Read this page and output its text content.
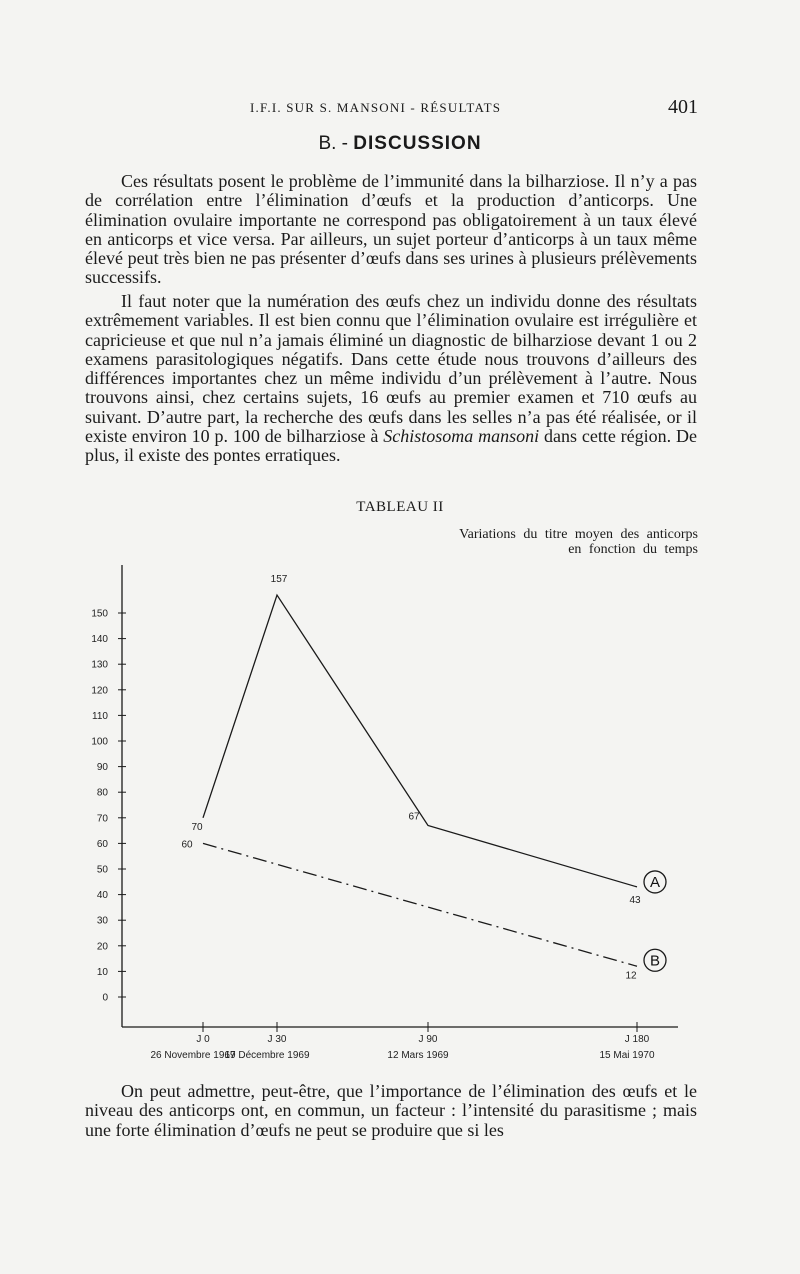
I.F.I. SUR S. MANSONI - RÉSULTATS	401
B. - DISCUSSION

Ces résultats posent le problème de l’immunité dans la bilharziose. Il n’y a pas de corrélation entre l’élimination d’œufs et la production d’anticorps. Une élimination ovulaire importante ne correspond pas obligatoirement à un taux élevé en anticorps et vice versa. Par ailleurs, un sujet porteur d’anticorps à un taux même élevé peut très bien ne pas présenter d’œufs dans ses urines à plusieurs prélèvements successifs.

Il faut noter que la numération des œufs chez un individu donne des résultats extrêmement variables. Il est bien connu que l’élimination ovulaire est irrégulière et capricieuse et que nul n’a jamais éliminé un diagnostic de bilharziose devant 1 ou 2 examens parasitologiques négatifs. Dans cette étude nous trouvons d’ailleurs des différences importantes chez un même individu d’un prélèvement à l’autre. Nous trouvons ainsi, chez certains sujets, 16 œufs au premier examen et 710 œufs au suivant. D’autre part, la recherche des œufs dans les selles n’a pas été réalisée, or il existe environ 10 p. 100 de bilharziose à Schistosoma mansoni dans cette région. De plus, il existe des pontes erratiques.

TABLEAU II
Variations du titre moyen des anticorps
en fonction du temps
0
10
20
30
40
50
60
70
80
90
100
110
120
130
140
150
J 0
26 Novembre 1969
J 30
17 Décembre 1969
J 90
12 Mars 1969
J 180
15 Mai 1970
70
157
67
43
60
12
A
B

On peut admettre, peut-être, que l’importance de l’élimination des œufs et le niveau des anticorps ont, en commun, un facteur : l’intensité du parasitisme ; mais une forte élimination d’œufs ne peut se produire que si les
